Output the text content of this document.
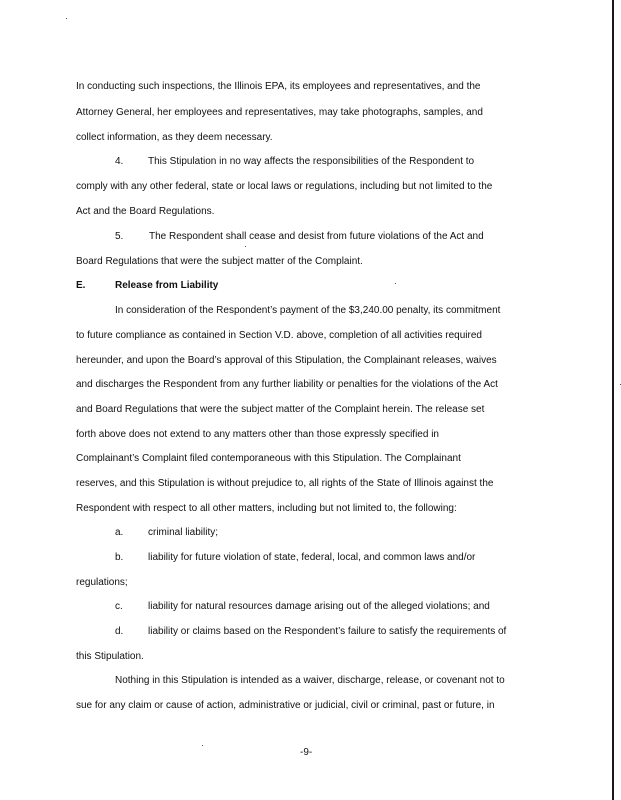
In conducting such inspections, the Illinois EPA, its employees and representatives, and the
Attorney General, her employees and representatives, may take photographs, samples, and
collect information, as they deem necessary.
4. This Stipulation in no way affects the responsibilities of the Respondent to
comply with any other federal, state or local laws or regulations, including but not limited to the
Act and the Board Regulations.
5.	The Respondent shall cease and desist from future violations of the Act and
Board Regulations that were the subject matter of the Complaint.
E.	Release from Liability
In consideration of the Respondent’s payment of the $3,240.00 penalty, its commitment
to future compliance as contained in Section V.D. above, completion of all activities required
hereunder, and upon the Board’s approval of this Stipulation, the Complainant releases, waives
and discharges the Respondent from any further liability or penalties for the violations of the Act
and Board Regulations that were the subject matter of the Complaint herein. The release set
forth above does not extend to any matters other than those expressly specified in
Complainant’s Complaint filed contemporaneous with this Stipulation. The Complainant
reserves, and this Stipulation is without prejudice to, all rights of the State of Illinois against the
Respondent with respect to all other matters, including but not limited to, the following:
a. criminal liability;
b. liability for future violation of state, federal, local, and common laws and/or
regulations;
c.	liability for natural resources damage arising out of the alleged violations; and
d. liability or claims based on the Respondent’s failure to satisfy the requirements of
this Stipulation.
Nothing in this Stipulation is intended as a waiver, discharge, release, or covenant not to
sue for any claim or cause of action, administrative or judicial, civil or criminal, past or future, in
-9-
